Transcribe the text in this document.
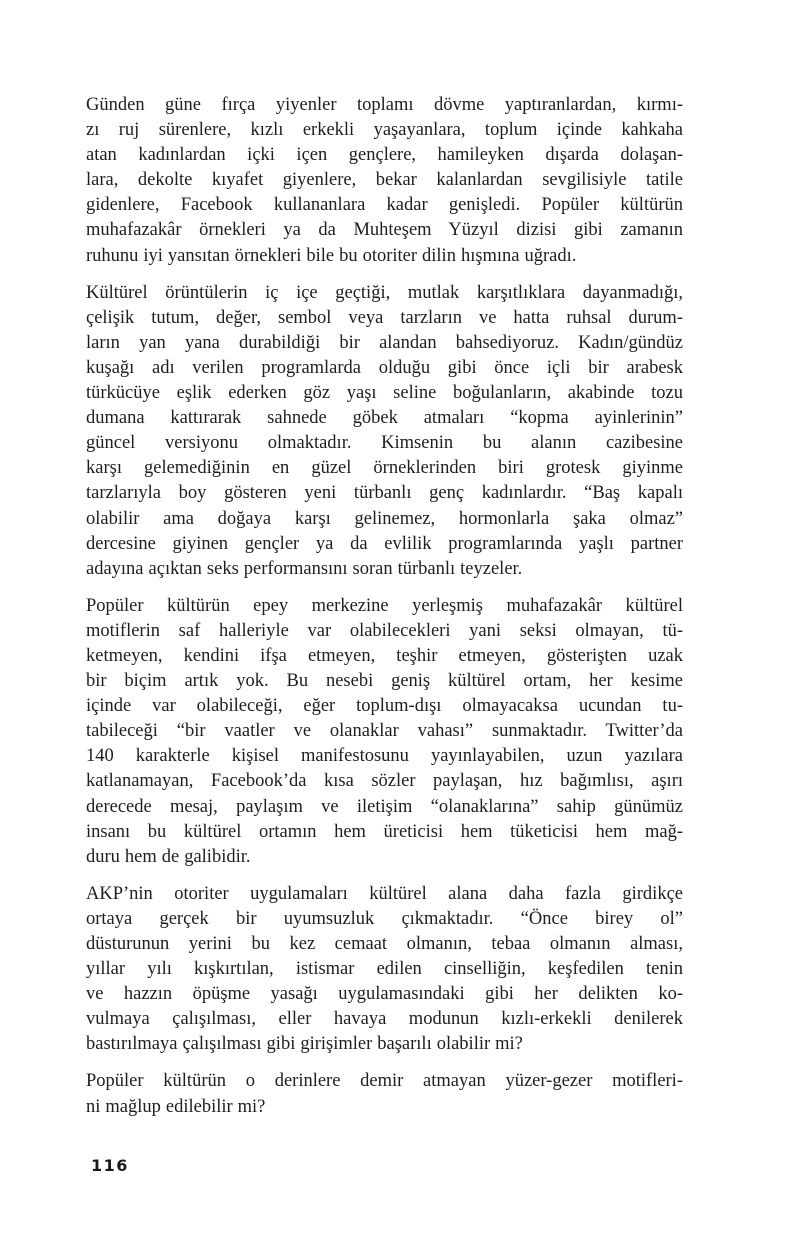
Günden güne fırça yiyenler toplamı dövme yaptıranlardan, kırmı-
zı ruj sürenlere, kızlı erkekli yaşayanlara, toplum içinde kahkaha
atan kadınlardan içki içen gençlere, hamileyken dışarda dolaşan-
lara, dekolte kıyafet giyenlere, bekar kalanlardan sevgilisiyle tatile
gidenlere, Facebook kullananlara kadar genişledi. Popüler kültürün
muhafazakâr örnekleri ya da Muhteşem Yüzyıl dizisi gibi zamanın
ruhunu iyi yansıtan örnekleri bile bu otoriter dilin hışmına uğradı.
Kültürel örüntülerin iç içe geçtiği, mutlak karşıtlıklara dayanmadığı,
çelişik tutum, değer, sembol veya tarzların ve hatta ruhsal durum-
ların yan yana durabildiği bir alandan bahsediyoruz. Kadın/gündüz
kuşağı adı verilen programlarda olduğu gibi önce içli bir arabesk
türkücüye eşlik ederken göz yaşı seline boğulanların, akabinde tozu
dumana kattırarak sahnede göbek atmaları “kopma ayinlerinin”
güncel versiyonu olmaktadır. Kimsenin bu alanın cazibesine
karşı gelemediğinin en güzel örneklerinden biri grotesk giyinme
tarzlarıyla boy gösteren yeni türbanlı genç kadınlardır. “Baş kapalı
olabilir ama doğaya karşı gelinemez, hormonlarla şaka olmaz”
dercesine giyinen gençler ya da evlilik programlarında yaşlı partner
adayına açıktan seks performansını soran türbanlı teyzeler.
Popüler kültürün epey merkezine yerleşmiş muhafazakâr kültürel
motiflerin saf halleriyle var olabilecekleri yani seksi olmayan, tü-
ketmeyen, kendini ifşa etmeyen, teşhir etmeyen, gösterişten uzak
bir biçim artık yok. Bu nesebi geniş kültürel ortam, her kesime
içinde var olabileceği, eğer toplum-dışı olmayacaksa ucundan tu-
tabileceği “bir vaatler ve olanaklar vahası” sunmaktadır. Twitter’da
140 karakterle kişisel manifestosunu yayınlayabilen, uzun yazılara
katlanamayan, Facebook’da kısa sözler paylaşan, hız bağımlısı, aşırı
derecede mesaj, paylaşım ve iletişim “olanaklarına” sahip günümüz
insanı bu kültürel ortamın hem üreticisi hem tüketicisi hem mağ-
duru hem de galibidir.
AKP’nin otoriter uygulamaları kültürel alana daha fazla girdikçe
ortaya gerçek bir uyumsuzluk çıkmaktadır. “Önce birey ol”
düsturunun yerini bu kez cemaat olmanın, tebaa olmanın alması,
yıllar yılı kışkırtılan, istismar edilen cinselliğin, keşfedilen tenin
ve hazzın öpüşme yasağı uygulamasındaki gibi her delikten ko-
vulmaya çalışılması, eller havaya modunun kızlı-erkekli denilerek
bastırılmaya çalışılması gibi girişimler başarılı olabilir mi?
Popüler kültürün o derinlere demir atmayan yüzer-gezer motifleri-
ni mağlup edilebilir mi?
116
